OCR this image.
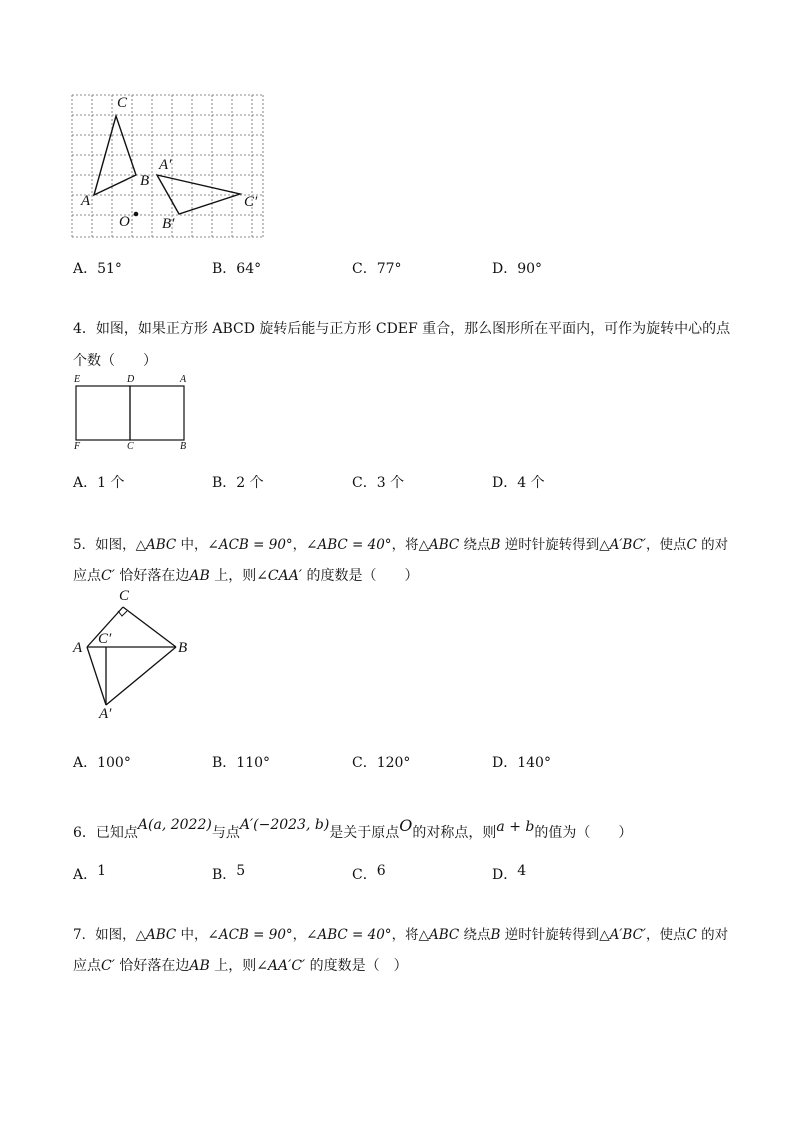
C
A′
B
A	C′
O B′
A．51°	B．64°	C．77°	D．90°
4．如图，如果正方形 ABCD 旋转后能与正方形 CDEF 重合，那么图形所在平面内，可作为旋转中心的点
个数（　　）
E	D	A
F	C	B
A．1 个	B．2 个	C．3 个	D．4 个
5．如图，△ABC 中，∠ACB = 90°，∠ABC = 40°，将△ABC 绕点B 逆时针旋转得到△A′BC′，使点C 的对
应点C′ 恰好落在边AB 上，则∠CAA′ 的度数是（　　）
C
C′
A	B
A′
A．100°	B．110°	C．120°	D．140°
6．已知点A(a, 2022)与点A′(−2023, b)是关于原点O的对称点，则a + b的值为（　　）
A．1	B．5	C．6	D．4
7．如图，△ABC 中，∠ACB = 90°，∠ABC = 40°，将△ABC 绕点B 逆时针旋转得到△A′BC′，使点C 的对
应点C′ 恰好落在边AB 上，则∠AA′C′ 的度数是（　）
